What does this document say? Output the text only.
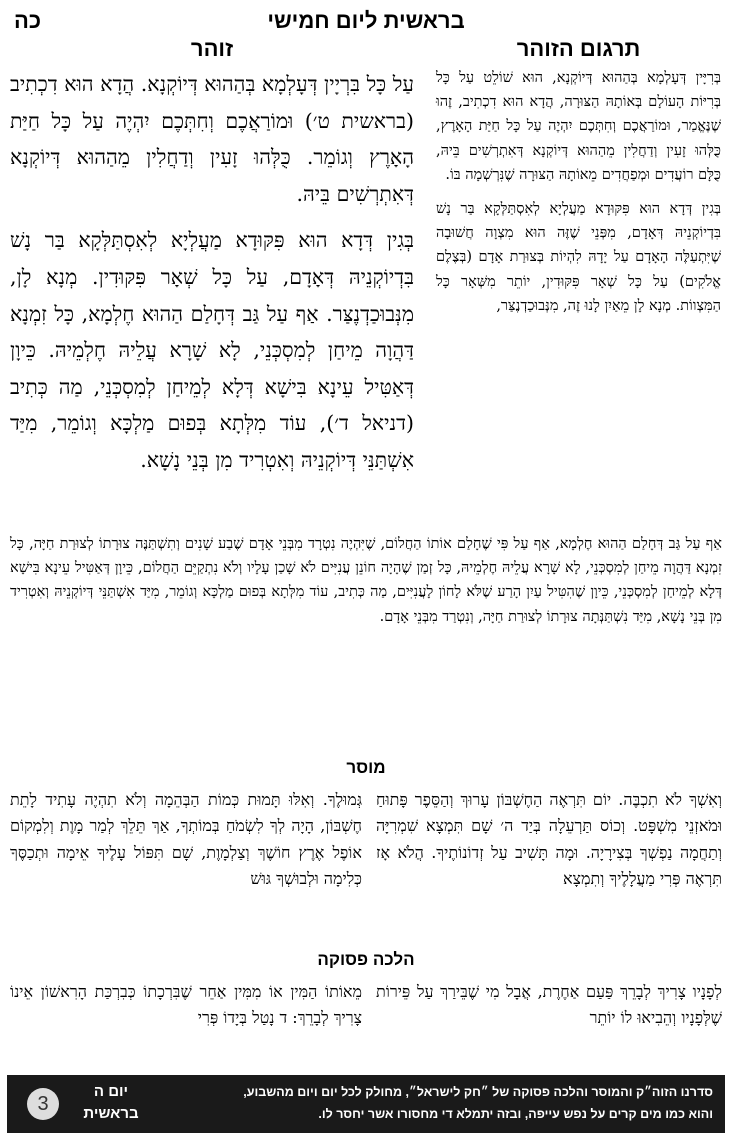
בראשית ליום חמישי
כה
זוהר	תרגום הזוהר

עַל כָּל בִּרְיָין דְּעָלְמָא בְּהַהוּא דְּיוֹקְנָא. הֲדָא הוּא דִכְתִיב (בראשית ט׳) וּמוֹרַאֲכֶם וְחִתְּכֶם יִהְיֶה עַל כָּל חַיַּת הָאָרֶץ וְגוֹמֵר. כֻּלְּהוּ זָעִין וְדַחֲלִין מֵהַהוּא דְּיוֹקְנָא דְּאִתְרְשִׁים בֵּיהּ.

בְּגִין דְּדָא הוּא פִּקּוּדָא מַעֲלְיָא לְאִסְתַּלְּקָא בַּר נָשׁ בִּדְיוֹקְנֵיהּ דְּאָדָם, עַל כָּל שְׁאָר פִּקּוּדִין. מְנָא לָן, מִנְּבוּכַדְנֶצַּר. אַף עַל גַּב דְּחָלַם הַהוּא חֶלְמָא, כָּל זִמְנָא דַּהֲוָה מֵיחַן לְמִסְכְּנֵי, לָא שָׁרָא עֲלֵיהּ חֶלְמֵיהּ. כֵּיוָן דְּאַטִּיל עֵינָא בִּישָׁא דְּלָא לְמֵיחַן לְמִסְכְּנֵי, מַה כְּתִיב (דניאל ד׳), עוֹד מִלְּתָא בְּפוּם מַלְכָּא וְגוֹמֵר, מִיַּד אִשְׁתַּנֵּי דְּיוֹקְנֵיהּ וְאִטְרִיד מִן בְּנֵי נָשָׁא.

בְּרִיָּין דְּעָלְמָא בְּהַהוּא דְּיוֹקְנָא, הוּא שׁוֹלֵט עַל כָּל בְּרִיּוֹת הָעוֹלָם בְּאוֹתָהּ הַצּוּרָה, הֲדָא הוּא דִכְתִיב, זֶהוּ שֶׁנֶּאֱמַר, וּמוֹרַאֲכֶם וְחִתְּכֶם יִהְיֶה עַל כָּל חַיַּת הָאָרֶץ, כֻּלְּהוּ זָעִין וְדַחֲלִין מֵהַהוּא דְּיוֹקְנָא דְּאִתְרְשִׁים בֵּיהּ, כֻּלָּם רוֹעֲדִים וּמְפַחֲדִים מֵאוֹתָהּ הַצּוּרָה שֶׁנִּרְשְׁמָה בּוֹ.

בְּגִין דְּדָא הוּא פִּקּוּדָא מַעֲלְיָא לְאִסְתַּלְּקָא בַּר נָשׁ בִּדְיוֹקְנֵיהּ דְּאָדָם, מִפְּנֵי שֶׁזֶּה הוּא מִצְוָה חֲשׁוּבָה שֶׁיִּתְעַלֶּה הָאָדָם עַל יָדָהּ לִהְיוֹת בְּצוּרַת אָדָם (בְּצֶלֶם אֱלֹקִים) עַל כָּל שְׁאָר פִּקּוּדִין, יוֹתֵר מִשְּׁאָר כָּל הַמִּצְווֹת. מְנָא לָן מֵאַיִן לָנוּ זֶה, מִנְּבוּכַדְנֶצַּר,

אַף עַל גַּב דְּחָלַם הַהוּא חֶלְמָא, אַף עַל פִּי שֶׁחָלַם אוֹתוֹ הַחֲלוֹם, שֶׁיִּהְיֶה נִטְרָד מִבְּנֵי אָדָם שֶׁבַע שָׁנִים וְתִשְׁתַּנֶּה צוּרָתוֹ לְצוּרַת חַיָּה, כָּל זִמְנָא דַּהֲוָה מֵיחַן לְמִסְכְּנֵי, לָא שָׁרָא עֲלֵיהּ חֶלְמֵיהּ, כָּל זְמַן שֶׁהָיָה חוֹנֵן עֲנִיִּים לֹא שָׁכַן עָלָיו וְלֹא נִתְקַיֵּם הַחֲלוֹם, כֵּיוָן דְּאַטִּיל עֵינָא בִּישָׁא דְּלָא לְמֵיחַן לְמִסְכְּנֵי, כֵּיוָן שֶׁהִטִּיל עַיִן הָרַע שֶׁלֹּא לָחוֹן לָעֲנִיִּים, מַה כְּתִיב, עוֹד מִלְּתָא בְּפוּם מַלְכָּא וְגוֹמֵר, מִיַּד אִשְׁתַּנֵּי דְּיוֹקְנֵיהּ וְאִטְרִיד מִן בְּנֵי נָשָׁא, מִיַּד נִשְׁתַּנְּתָה צוּרָתוֹ לְצוּרַת חַיָּה, וְנִטְרַד מִבְּנֵי אָדָם.
מוסר
וְאִשְׁךָ לֹא תִכְבֶּה. יוֹם תִּרְאֶה הַחֶשְׁבּוֹן עָרוּךְ וְהַסֵּפֶר פָּתוּחַ וּמֹאזְנֵי מִשְׁפָּט. וְכוֹס תַּרְעֵלָה בְּיַד ה׳ שָׁם תִּמְצָא שִׁמְרִיָּה וְתַחֲמָה נַפְשְׁךָ בְּצִירָיָה. וּמָה תָּשִׁיב עַל זְדוֹנוֹתֶיךָ. הֲלֹא אָז תִּרְאֶה פְּרִי מַעֲלָלֶיךָ וְתִמְצָא
גְּמוּלֶךָ. וְאִלּוּ תָּמוּת כְּמוֹת הַבְּהֵמָה וְלֹא תִהְיֶה עָתִיד לָתֵת חֶשְׁבּוֹן, הָיָה לְךָ לִשְׂמֹחַ בְּמוֹתְךָ, אַךְ תֵּלֵךְ לְמַר מָוֶת וְלִמְקוֹם אוֹפֶל אֶרֶץ חוֹשֶׁךְ וְצַלְמָוֶת, שָׁם תִּפּוֹל עָלֶיךָ אֵימָה וּתְכַסֶּךָ כְּלִימָה וּלְבוּשְׁךָ גּוּשׁ
הלכה פסוקה
לְפָנָיו צָרִיךְ לְבָרֵךְ פַּעַם אַחֶרֶת, אֲבָל מִי שֶׁבֵּירַךְ עַל פֵּירוֹת שֶׁלְּפָנָיו וְהֵבִיאוּ לוֹ יוֹתֵר
מֵאוֹתוֹ הַמִּין אוֹ מִמִּין אַחֵר שֶׁבִּרְכָתוֹ כְּבִרְכַּת הָרִאשׁוֹן אֵינוֹ צָרִיךְ לְבָרֵךְ: ד נָטַל בְּיָדוֹ פְּרִי
סדרנו הזוה״ק והמוסר והלכה פסוקה של ״חק לישראל״, מחולק לכל יום ויום מהשבוע,
והוא כמו מים קרים על נפש עייפה, ובזה יתמלא די מחסורו אשר יחסר לו.
יום ה
בראשית
3
